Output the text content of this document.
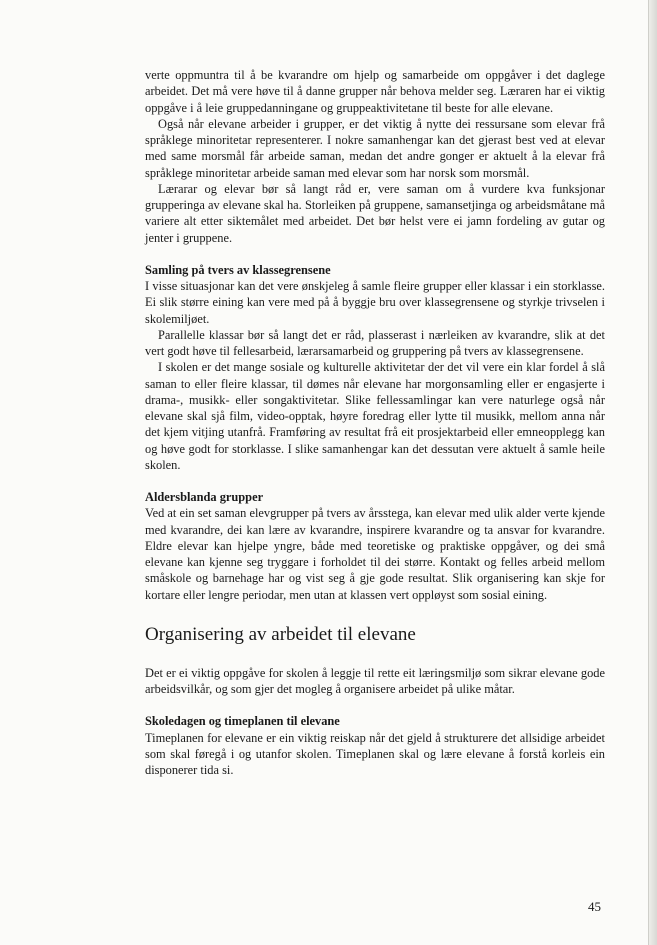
verte oppmuntra til å be kvarandre om hjelp og samarbeide om oppgåver i det daglege arbeidet. Det må vere høve til å danne grupper når behova melder seg. Læraren har ei viktig oppgåve i å leie gruppedanningane og gruppeaktivitetane til beste for alle elevane.

Også når elevane arbeider i grupper, er det viktig å nytte dei ressursane som elevar frå språklege minoritetar representerer. I nokre samanhengar kan det gjerast best ved at elevar med same morsmål får arbeide saman, medan det andre gonger er aktuelt å la elevar frå språklege minoritetar arbeide saman med elevar som har norsk som morsmål.

Lærarar og elevar bør så langt råd er, vere saman om å vurdere kva funksjonar grupperinga av elevane skal ha. Storleiken på gruppene, samansetjinga og arbeidsmåtane må variere alt etter siktemålet med arbeidet. Det bør helst vere ei jamn fordeling av gutar og jenter i gruppene.

Samling på tvers av klassegrensene

I visse situasjonar kan det vere ønskjeleg å samle fleire grupper eller klassar i ein storklasse. Ei slik større eining kan vere med på å byggje bru over klassegrensene og styrkje trivselen i skolemiljøet.

Parallelle klassar bør så langt det er råd, plasserast i nærleiken av kvarandre, slik at det vert godt høve til fellesarbeid, lærarsamarbeid og gruppering på tvers av klassegrensene.

I skolen er det mange sosiale og kulturelle aktivitetar der det vil vere ein klar fordel å slå saman to eller fleire klassar, til dømes når elevane har morgonsamling eller er engasjerte i drama-, musikk- eller songaktivitetar. Slike fellessamlingar kan vere naturlege også når elevane skal sjå film, video-opptak, høyre foredrag eller lytte til musikk, mellom anna når det kjem vitjing utanfrå. Framføring av resultat frå eit prosjektarbeid eller emneopplegg kan og høve godt for storklasse. I slike samanhengar kan det dessutan vere aktuelt å samle heile skolen.

Aldersblanda grupper

Ved at ein set saman elevgrupper på tvers av årsstega, kan elevar med ulik alder verte kjende med kvarandre, dei kan lære av kvarandre, inspirere kvarandre og ta ansvar for kvarandre. Eldre elevar kan hjelpe yngre, både med teoretiske og praktiske oppgåver, og dei små elevane kan kjenne seg tryggare i forholdet til dei større. Kontakt og felles arbeid mellom småskole og barnehage har og vist seg å gje gode resultat. Slik organisering kan skje for kortare eller lengre periodar, men utan at klassen vert oppløyst som sosial eining.

Organisering av arbeidet til elevane

Det er ei viktig oppgåve for skolen å leggje til rette eit læringsmiljø som sikrar elevane gode arbeidsvilkår, og som gjer det mogleg å organisere arbeidet på ulike måtar.

Skoledagen og timeplanen til elevane

Timeplanen for elevane er ein viktig reiskap når det gjeld å strukturere det allsidige arbeidet som skal føregå i og utanfor skolen. Timeplanen skal og lære elevane å forstå korleis ein disponerer tida si.

45
